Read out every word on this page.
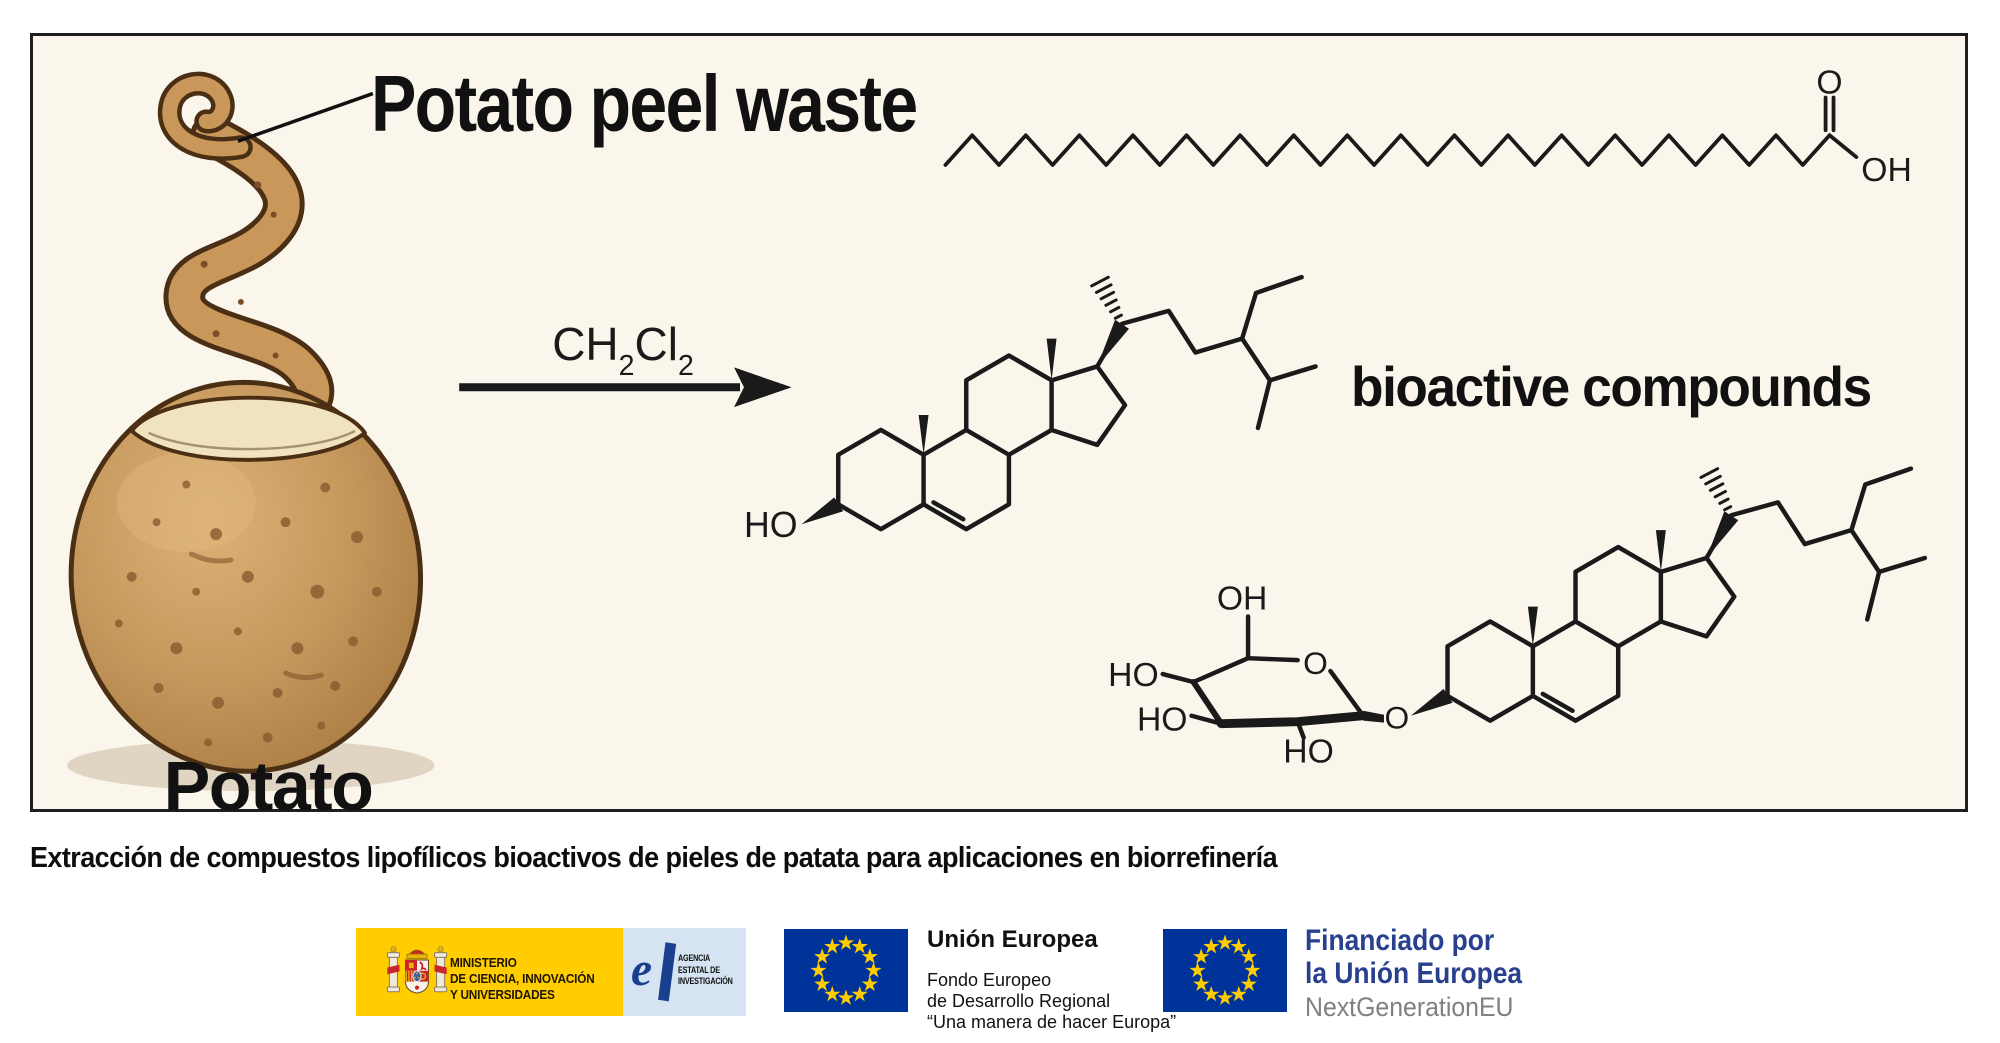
O
OH
HO
OH
HO
HO
HO
O
O
Potato peel waste
$CH_2Cl_2$	bioactive compounds
Potato
Extracción de compuestos lipofílicos bioactivos de pieles de patata para aplicaciones en biorrefinería
MINISTERIO
DE CIENCIA, INNOVACIÓN
Y UNIVERSIDADES	e	AGENCIA
ESTATAL DE
INVESTIGACIÓN
Unión Europea
Fondo Europeo
de Desarrollo Regional
“Una manera de hacer Europa”
Financiado por
la Unión Europea
NextGenerationEU
